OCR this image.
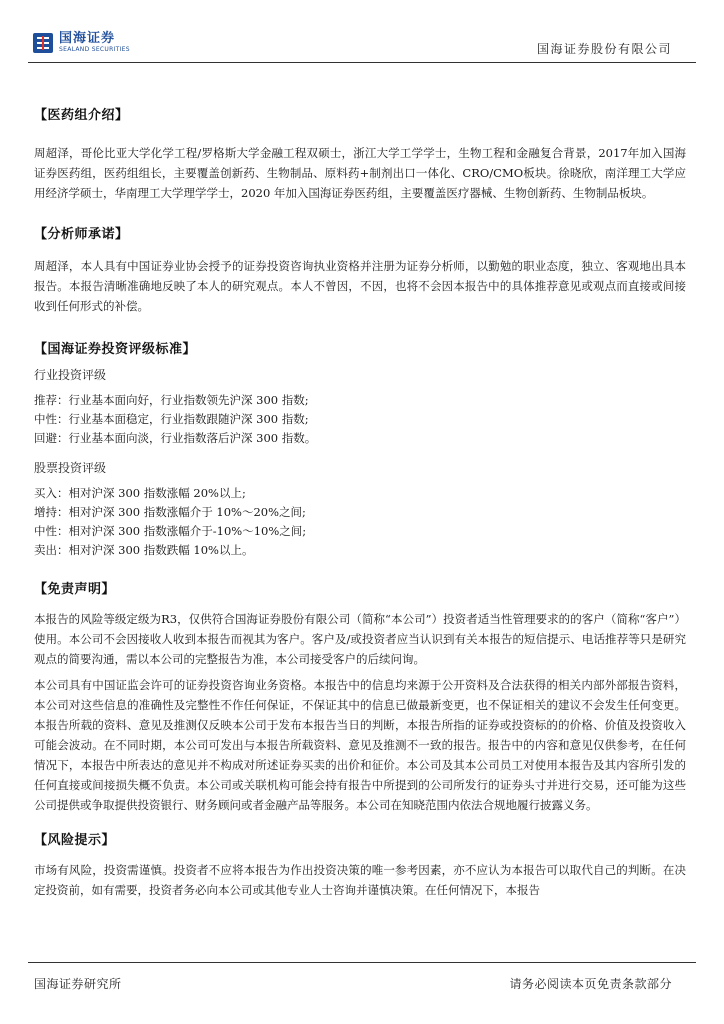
国海证券
SEALAND SECURITIES	国海证券股份有限公司
【医药组介绍】

周超泽，哥伦比亚大学化学工程/罗格斯大学金融工程双硕士，浙江大学工学学士，生物工程和金融复合背景，2017年加入国海证券医药组，医药组组长，主要覆盖创新药、生物制品、原料药+制剂出口一体化、CRO/CMO板块。徐晓欣，南洋理工大学应用经济学硕士，华南理工大学理学学士，2020 年加入国海证券医药组，主要覆盖医疗器械、生物创新药、生物制品板块。

【分析师承诺】

周超泽，本人具有中国证券业协会授予的证券投资咨询执业资格并注册为证券分析师，以勤勉的职业态度，独立、客观地出具本报告。本报告清晰准确地反映了本人的研究观点。本人不曾因，不因，也将不会因本报告中的具体推荐意见或观点而直接或间接收到任何形式的补偿。

【国海证券投资评级标准】

行业投资评级

推荐：行业基本面向好，行业指数领先沪深 300 指数;

中性：行业基本面稳定，行业指数跟随沪深 300 指数;

回避：行业基本面向淡，行业指数落后沪深 300 指数。

股票投资评级

买入：相对沪深 300 指数涨幅 20%以上;

增持：相对沪深 300 指数涨幅介于 10%～20%之间;

中性：相对沪深 300 指数涨幅介于-10%～10%之间;

卖出：相对沪深 300 指数跌幅 10%以上。

【免责声明】

本报告的风险等级定级为R3，仅供符合国海证券股份有限公司（简称“本公司”）投资者适当性管理要求的的客户（简称“客户”）使用。本公司不会因接收人收到本报告而视其为客户。客户及/或投资者应当认识到有关本报告的短信提示、电话推荐等只是研究观点的简要沟通，需以本公司的完整报告为准，本公司接受客户的后续问询。

本公司具有中国证监会许可的证券投资咨询业务资格。本报告中的信息均来源于公开资料及合法获得的相关内部外部报告资料，本公司对这些信息的准确性及完整性不作任何保证，不保证其中的信息已做最新变更，也不保证相关的建议不会发生任何变更。本报告所载的资料、意见及推测仅反映本公司于发布本报告当日的判断，本报告所指的证券或投资标的的价格、价值及投资收入可能会波动。在不同时期，本公司可发出与本报告所载资料、意见及推测不一致的报告。报告中的内容和意见仅供参考，在任何情况下，本报告中所表达的意见并不构成对所述证券买卖的出价和征价。本公司及其本公司员工对使用本报告及其内容所引发的任何直接或间接损失概不负责。本公司或关联机构可能会持有报告中所提到的公司所发行的证券头寸并进行交易，还可能为这些公司提供或争取提供投资银行、财务顾问或者金融产品等服务。本公司在知晓范围内依法合规地履行披露义务。

【风险提示】

市场有风险，投资需谨慎。投资者不应将本报告为作出投资决策的唯一参考因素，亦不应认为本报告可以取代自己的判断。在决定投资前，如有需要，投资者务必向本公司或其他专业人士咨询并谨慎决策。在任何情况下，本报告

国海证券研究所	请务必阅读本页免责条款部分
